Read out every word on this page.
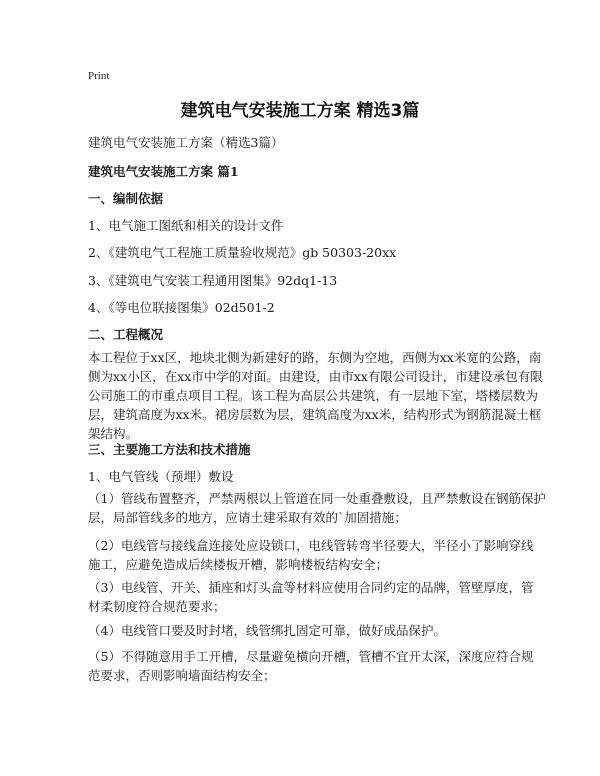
Print
建筑电气安装施工方案 精选3篇
建筑电气安装施工方案（精选3篇）
建筑电气安装施工方案 篇1
一、编制依据
1、电气施工图纸和相关的设计文件
2、《建筑电气工程施工质量验收规范》gb 50303-20xx
3、《建筑电气安装工程通用图集》92dq1-13
4、《等电位联接图集》02d501-2
二、工程概况
本工程位于xx区，地块北侧为新建好的路，东侧为空地，西侧为xx米宽的公路，南
侧为xx小区，在xx市中学的对面。由建设，由市xx有限公司设计，市建设承包有限
公司施工的市重点项目工程。该工程为高层公共建筑，有一层地下室，塔楼层数为
层，建筑高度为xx米。裙房层数为层，建筑高度为xx米，结构形式为钢筋混凝土框
架结构。
三、主要施工方法和技术措施
1、电气管线（预埋）敷设
（1）管线布置整齐，严禁两根以上管道在同一处重叠敷设，且严禁敷设在钢筋保护
层，局部管线多的地方，应请土建采取有效的`加固措施；
（2）电线管与接线盒连接处应设锁口，电线管转弯半径要大，半径小了影响穿线
施工，应避免造成后续楼板开槽，影响楼板结构安全；
（3）电线管、开关、插座和灯头盒等材料应使用合同约定的品牌，管壁厚度，管
材柔韧度符合规范要求；
（4）电线管口要及时封堵，线管绑扎固定可靠，做好成品保护。
（5）不得随意用手工开槽，尽量避免横向开槽，管槽不宜开太深，深度应符合规
范要求，否则影响墙面结构安全；
